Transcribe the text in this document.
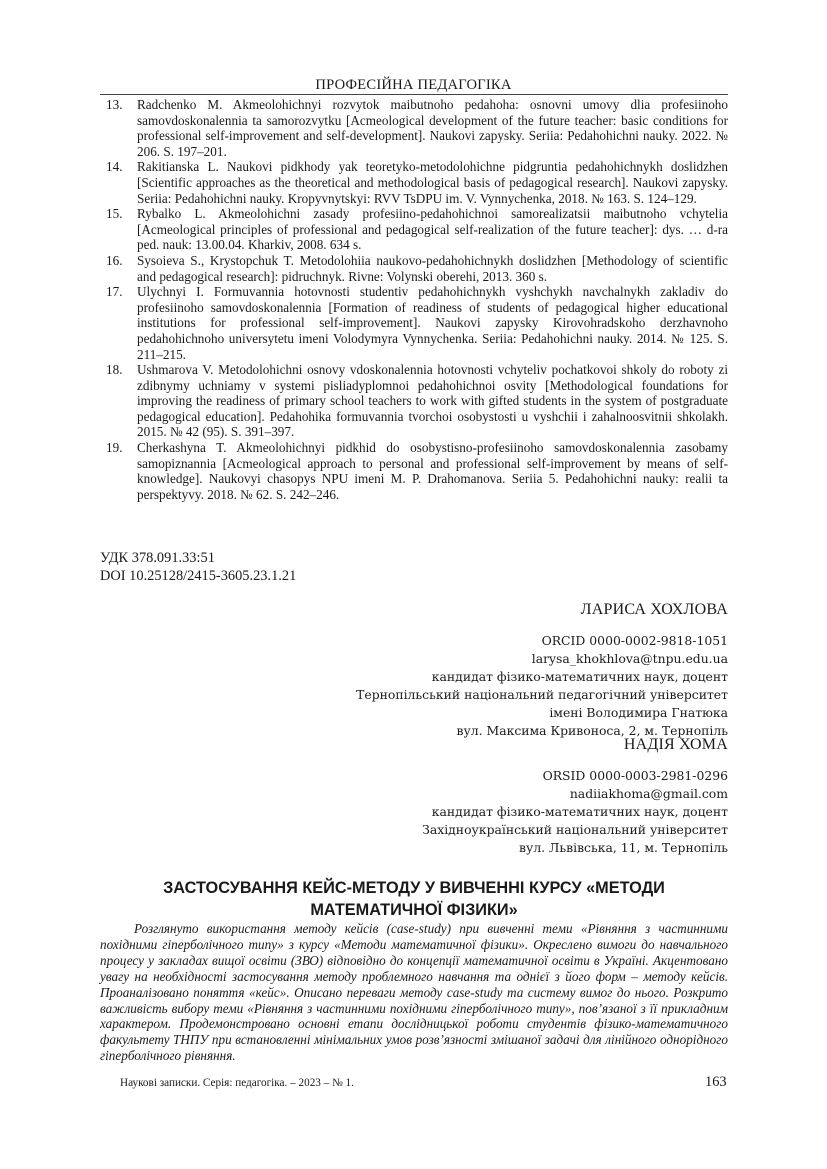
ПРОФЕСІЙНА ПЕДАГОГІКА
13. Radchenko M. Akmeolohichnyi rozvytok maibutnoho pedahoha: osnovni umovy dlia profesiinoho samovdoskonalennia ta samorozvytku [Acmeological development of the future teacher: basic conditions for professional self-improvement and self-development]. Naukovi zapysky. Seriia: Pedahohichni nauky. 2022. № 206. S. 197–201.
14. Rakitianska L. Naukovi pidkhody yak teoretyko-metodolohichne pidgruntia pedahohichnykh doslidzhen [Scientific approaches as the theoretical and methodological basis of pedagogical research]. Naukovi zapysky. Seriia: Pedahohichni nauky. Kropyvnytskyi: RVV TsDPU im. V. Vynnychenka, 2018. № 163. S. 124–129.
15. Rybalko L. Akmeolohichni zasady profesiino-pedahohichnoi samorealizatsii maibutnoho vchytelia [Acmeological principles of professional and pedagogical self-realization of the future teacher]: dys. … d-ra ped. nauk: 13.00.04. Kharkiv, 2008. 634 s.
16. Sysoieva S., Krystopchuk T. Metodolohiia naukovo-pedahohichnykh doslidzhen [Methodology of scientific and pedagogical research]: pidruchnyk. Rivne: Volynski oberehi, 2013. 360 s.
17. Ulychnyi I. Formuvannia hotovnosti studentiv pedahohichnykh vyshchykh navchalnykh zakladiv do profesiinoho samovdoskonalennia [Formation of readiness of students of pedagogical higher educational institutions for professional self-improvement]. Naukovi zapysky Kirovohradskoho derzhavnoho pedahohichnoho universytetu imeni Volodymyra Vynnychenka. Seriia: Pedahohichni nauky. 2014. № 125. S. 211–215.
18. Ushmarova V. Metodolohichni osnovy vdoskonalennia hotovnosti vchyteliv pochatkovoi shkoly do roboty zi zdibnymy uchniamy v systemi pisliadyplomnoi pedahohichnoi osvity [Methodological foundations for improving the readiness of primary school teachers to work with gifted students in the system of postgraduate pedagogical education]. Pedahohika formuvannia tvorchoi osobystosti u vyshchii i zahalnoosvitnii shkolakh. 2015. № 42 (95). S. 391–397.
19. Cherkashyna T. Akmeolohichnyi pidkhid do osobystisno-profesiinoho samovdoskonalennia zasobamy samopiznannia [Acmeological approach to personal and professional self-improvement by means of self-knowledge]. Naukovyi chasopys NPU imeni M. P. Drahomanova. Seriia 5. Pedahohichni nauky: realii ta perspektyvy. 2018. № 62. S. 242–246.
УДК 378.091.33:51
DOI 10.25128/2415-3605.23.1.21
ЛАРИСА ХОХЛОВА
ORCID 0000-0002-9818-1051
larysa_khokhlova@tnpu.edu.ua
кандидат фізико-математичних наук, доцент
Тернопільський національний педагогічний університет
імені Володимира Гнатюка
вул. Максима Кривоноса, 2, м. Тернопіль
НАДІЯ ХОМА
ORSID 0000-0003-2981-0296
nadiiakhoma@gmail.com
кандидат фізико-математичних наук, доцент
Західноукраїнський національний університет
вул. Львівська, 11, м. Тернопіль
ЗАСТОСУВАННЯ КЕЙС-МЕТОДУ У ВИВЧЕННІ КУРСУ «МЕТОДИ
МАТЕМАТИЧНОЇ ФІЗИКИ»

Розглянуто використання методу кейсів (case-study) при вивченні теми «Рівняння з частинними похідними гіперболічного типу» з курсу «Методи математичної фізики». Окреслено вимоги до навчального процесу у закладах вищої освіти (ЗВО) відповідно до концепції математичної освіти в Україні. Акцентовано увагу на необхідності застосування методу проблемного навчання та однієї з його форм – методу кейсів. Проаналізовано поняття «кейс». Описано переваги методу case-study та систему вимог до нього. Розкрито важливість вибору теми «Рівняння з частинними похідними гіперболічного типу», пов’язаної з її прикладним характером. Продемонстровано основні етапи дослідницької роботи студентів фізико-математичного факультету ТНПУ при встановленні мінімальних умов розв’язності змішаної задачі для лінійного однорідного гіперболічного рівняння.

Наукові записки. Серія: педагогіка. – 2023 – № 1.	163
